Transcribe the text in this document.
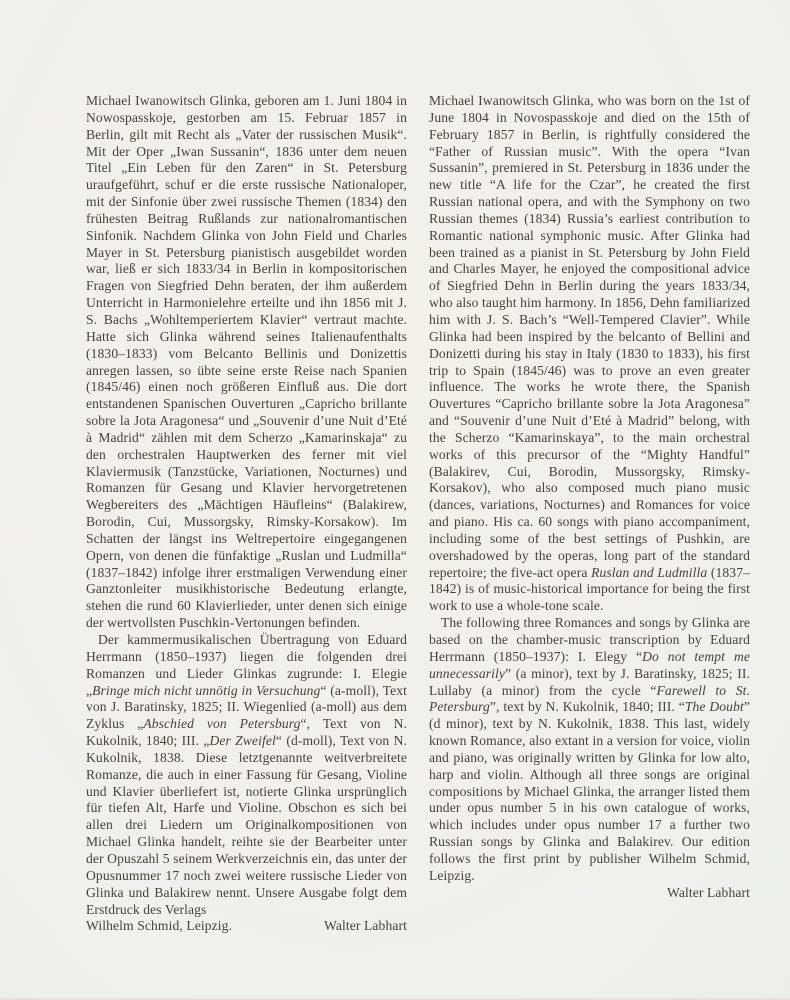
Michael Iwanowitsch Glinka, geboren am 1. Juni 1804 in Nowospasskoje, gestorben am 15. Februar 1857 in Berlin, gilt mit Recht als „Vater der russischen Musik“. Mit der Oper „Iwan Sussanin“, 1836 unter dem neuen Titel „Ein Leben für den Zaren“ in St. Petersburg uraufgeführt, schuf er die erste russische Nationaloper, mit der Sinfonie über zwei russische Themen (1834) den frühesten Beitrag Rußlands zur nationalromantischen Sinfonik. Nachdem Glinka von John Field und Charles Mayer in St. Petersburg pianistisch ausgebildet worden war, ließ er sich 1833/34 in Berlin in kompositorischen Fragen von Siegfried Dehn beraten, der ihm außerdem Unterricht in Harmonielehre erteilte und ihn 1856 mit J. S. Bachs „Wohltemperiertem Klavier“ vertraut machte. Hatte sich Glinka während seines Italienaufenthalts (1830–1833) vom Belcanto Bellinis und Donizettis anregen lassen, so übte seine erste Reise nach Spanien (1845/46) einen noch größeren Einfluß aus. Die dort entstandenen Spanischen Ouverturen „Capricho brillante sobre la Jota Aragonesa“ und „Souvenir d’une Nuit d’Eté à Madrid“ zählen mit dem Scherzo „Kamarinskaja“ zu den orchestralen Hauptwerken des ferner mit viel Klaviermusik (Tanzstücke, Variationen, Nocturnes) und Romanzen für Gesang und Klavier hervorgetretenen Wegbereiters des „Mächtigen Häufleins“ (Balakirew, Borodin, Cui, Mussorgsky, Rimsky-Korsakow). Im Schatten der längst ins Weltrepertoire eingegangenen Opern, von denen die fünfaktige „Ruslan und Ludmilla“ (1837–1842) infolge ihrer erstmaligen Verwendung einer Ganztonleiter musikhistorische Bedeutung erlangte, stehen die rund 60 Klavierlieder, unter denen sich einige der wertvollsten Puschkin-Vertonungen befinden.

Der kammermusikalischen Übertragung von Eduard Herrmann (1850–1937) liegen die folgenden drei Romanzen und Lieder Glinkas zugrunde: I. Elegie „Bringe mich nicht unnötig in Versuchung“ (a-moll), Text von J. Baratinsky, 1825; II. Wiegenlied (a-moll) aus dem Zyklus „Abschied von Petersburg“, Text von N. Kukolnik, 1840; III. „Der Zweifel“ (d-moll), Text von N. Kukolnik, 1838. Diese letztgenannte weitverbreitete Romanze, die auch in einer Fassung für Gesang, Violine und Klavier überliefert ist, notierte Glinka ursprünglich für tiefen Alt, Harfe und Violine. Obschon es sich bei allen drei Liedern um Originalkompositionen von Michael Glinka handelt, reihte sie der Bearbeiter unter der Opuszahl 5 seinem Werkverzeichnis ein, das unter der Opusnummer 17 noch zwei weitere russische Lieder von Glinka und Balakirew nennt. Unsere Ausgabe folgt dem Erstdruck des Verlags

Wilhelm Schmid, Leipzig.	Walter Labhart

Michael Iwanowitsch Glinka, who was born on the 1st of June 1804 in Novospasskoje and died on the 15th of February 1857 in Berlin, is rightfully considered the “Father of Russian music”. With the opera “Ivan Sussanin”, premiered in St. Petersburg in 1836 under the new title “A life for the Czar”, he created the first Russian national opera, and with the Symphony on two Russian themes (1834) Russia’s earliest contribution to Romantic national symphonic music. After Glinka had been trained as a pianist in St. Petersburg by John Field and Charles Mayer, he enjoyed the compositional advice of Siegfried Dehn in Berlin during the years 1833/34, who also taught him harmony. In 1856, Dehn familiarized him with J. S. Bach’s “Well-Tempered Clavier”. While Glinka had been inspired by the belcanto of Bellini and Donizetti during his stay in Italy (1830 to 1833), his first trip to Spain (1845/46) was to prove an even greater influence. The works he wrote there, the Spanish Ouvertures “Capricho brillante sobre la Jota Aragonesa” and “Souvenir d’une Nuit d’Eté à Madrid” belong, with the Scherzo “Kamarinskaya”, to the main orchestral works of this precursor of the “Mighty Handful” (Balakirev, Cui, Borodin, Mussorgsky, Rimsky-Korsakov), who also composed much piano music (dances, variations, Nocturnes) and Romances for voice and piano. His ca. 60 songs with piano accompaniment, including some of the best settings of Pushkin, are overshadowed by the operas, long part of the standard repertoire; the five-act opera Ruslan and Ludmilla (1837–1842) is of music-historical importance for being the first work to use a whole-tone scale.

The following three Romances and songs by Glinka are based on the chamber-music transcription by Eduard Herrmann (1850–1937): I. Elegy “Do not tempt me unnecessarily” (a minor), text by J. Baratinsky, 1825; II. Lullaby (a minor) from the cycle “Farewell to St. Petersburg”, text by N. Kukolnik, 1840; III. “The Doubt” (d minor), text by N. Kukolnik, 1838. This last, widely known Romance, also extant in a version for voice, violin and piano, was originally written by Glinka for low alto, harp and violin. Although all three songs are original compositions by Michael Glinka, the arranger listed them under opus number 5 in his own catalogue of works, which includes under opus number 17 a further two Russian songs by Glinka and Balakirev. Our edition follows the first print by publisher Wilhelm Schmid, Leipzig.

Walter Labhart
